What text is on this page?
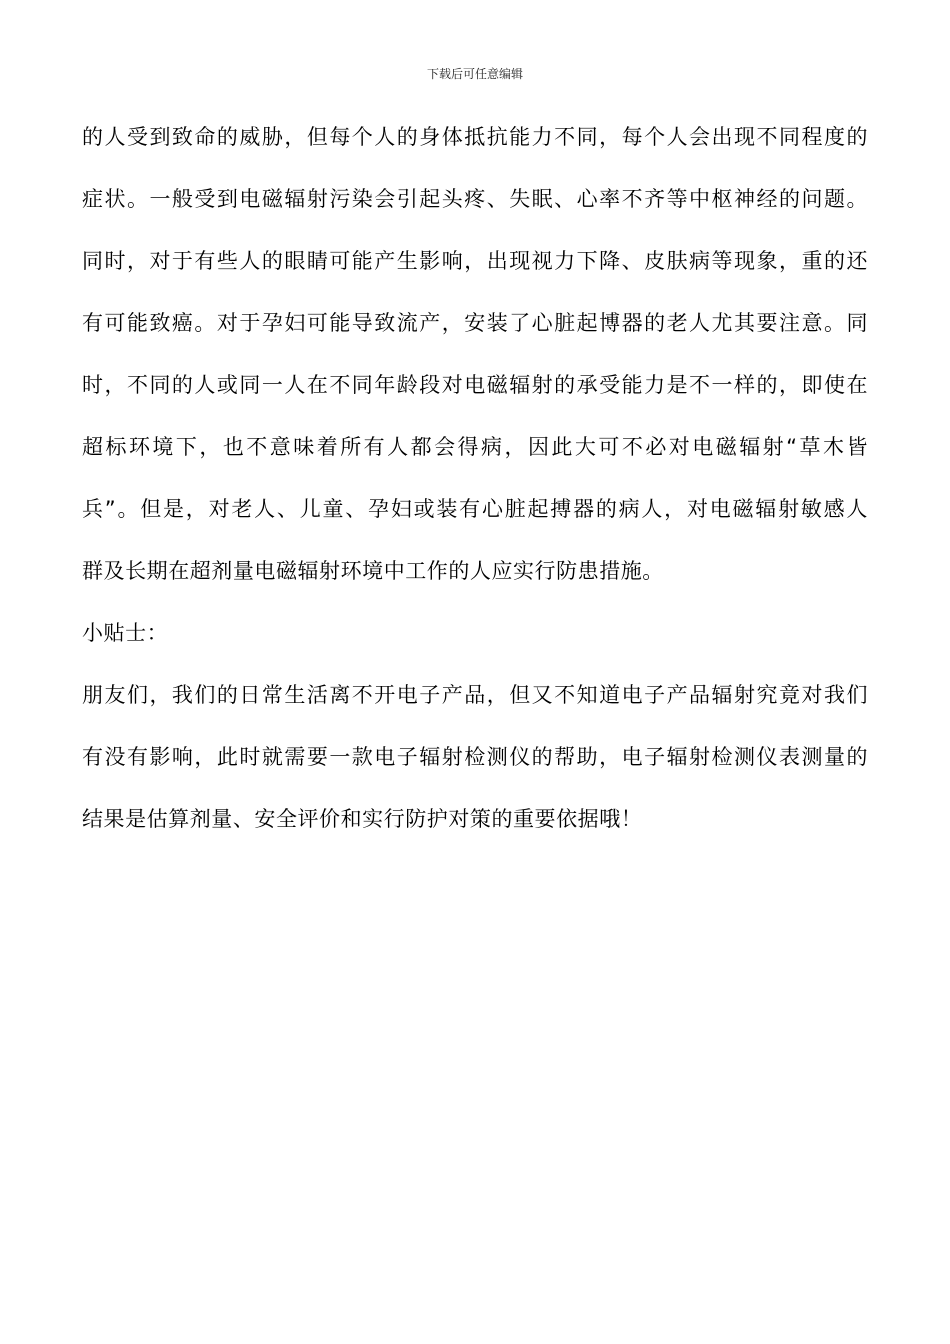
下载后可任意编辑
的人受到致命的威胁，但每个人的身体抵抗能力不同，每个人会出现不同程度的
症状。一般受到电磁辐射污染会引起头疼、失眠、心率不齐等中枢神经的问题。
同时，对于有些人的眼睛可能产生影响，出现视力下降、皮肤病等现象，重的还
有可能致癌。对于孕妇可能导致流产，安装了心脏起博器的老人尤其要注意。同
时，不同的人或同一人在不同年龄段对电磁辐射的承受能力是不一样的，即使在
超标环境下，也不意味着所有人都会得病，因此大可不必对电磁辐射“草木皆
兵”。但是，对老人、儿童、孕妇或装有心脏起搏器的病人，对电磁辐射敏感人
群及长期在超剂量电磁辐射环境中工作的人应实行防患措施。
小贴士：
朋友们，我们的日常生活离不开电子产品，但又不知道电子产品辐射究竟对我们
有没有影响，此时就需要一款电子辐射检测仪的帮助，电子辐射检测仪表测量的
结果是估算剂量、安全评价和实行防护对策的重要依据哦！
